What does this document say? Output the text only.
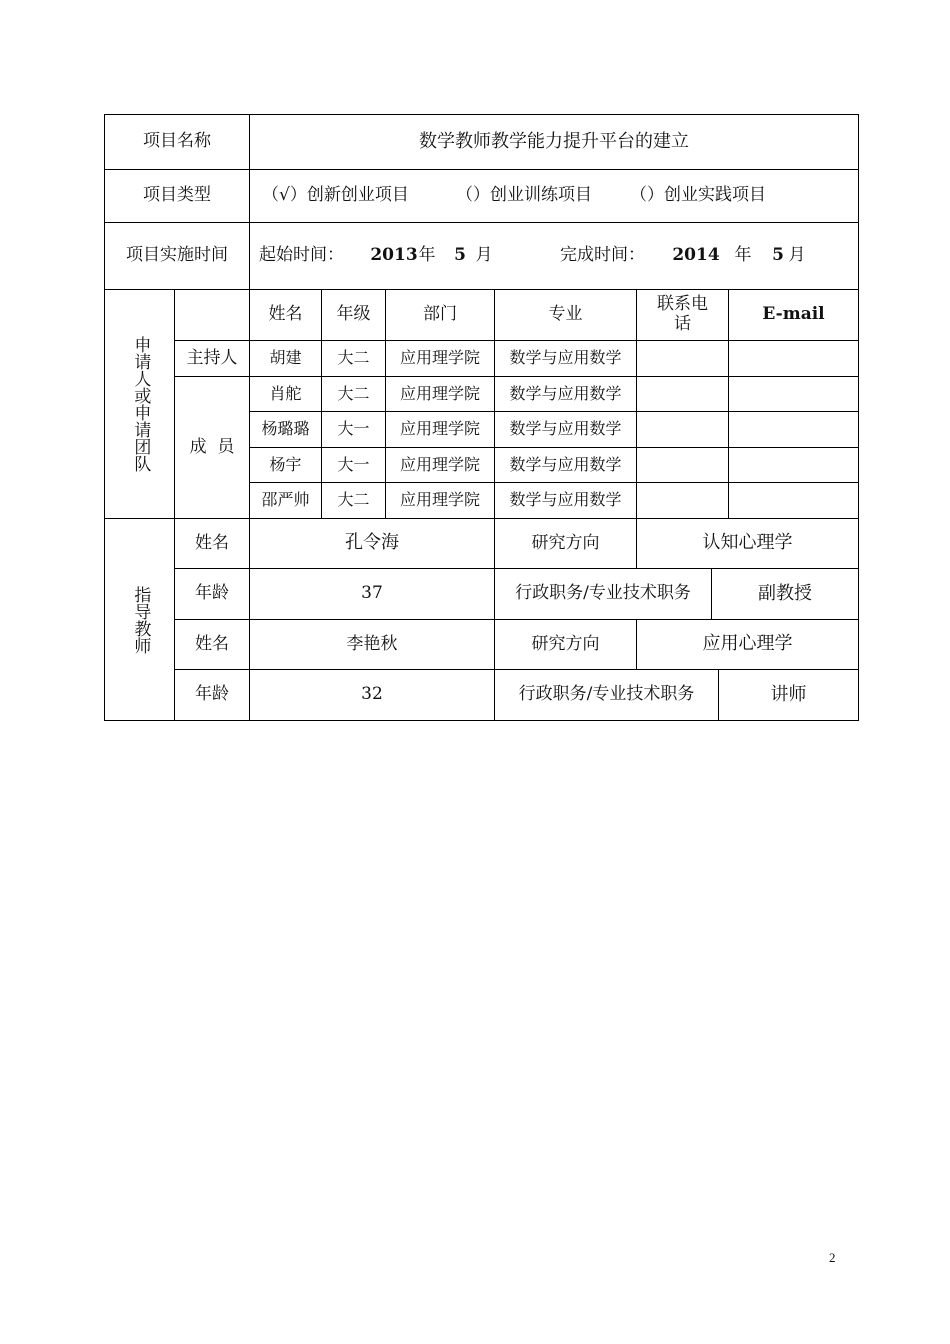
项目名称	数学教师教学能力提升平台的建立
项目类型	（√）创新创业项目	（）创业训练项目	（）创业实践项目
项目实施时间	起始时间：	2013 年 5 月	完成时间：	2014 年 5 月
申请人或申请团队
姓名	年级	部门	专业	联系电话	E-mail
主持人	胡建	大二	应用理学院	数学与应用数学
成  员
肖舵	大二	应用理学院	数学与应用数学
杨璐璐	大一	应用理学院	数学与应用数学
杨宇	大一	应用理学院	数学与应用数学
邵严帅	大二	应用理学院	数学与应用数学
指导教师
姓名	孔令海	研究方向	认知心理学
年龄	37	行政职务/专业技术职务	副教授
姓名	李艳秋	研究方向	应用心理学
年龄	32	行政职务/专业技术职务	讲师
2
